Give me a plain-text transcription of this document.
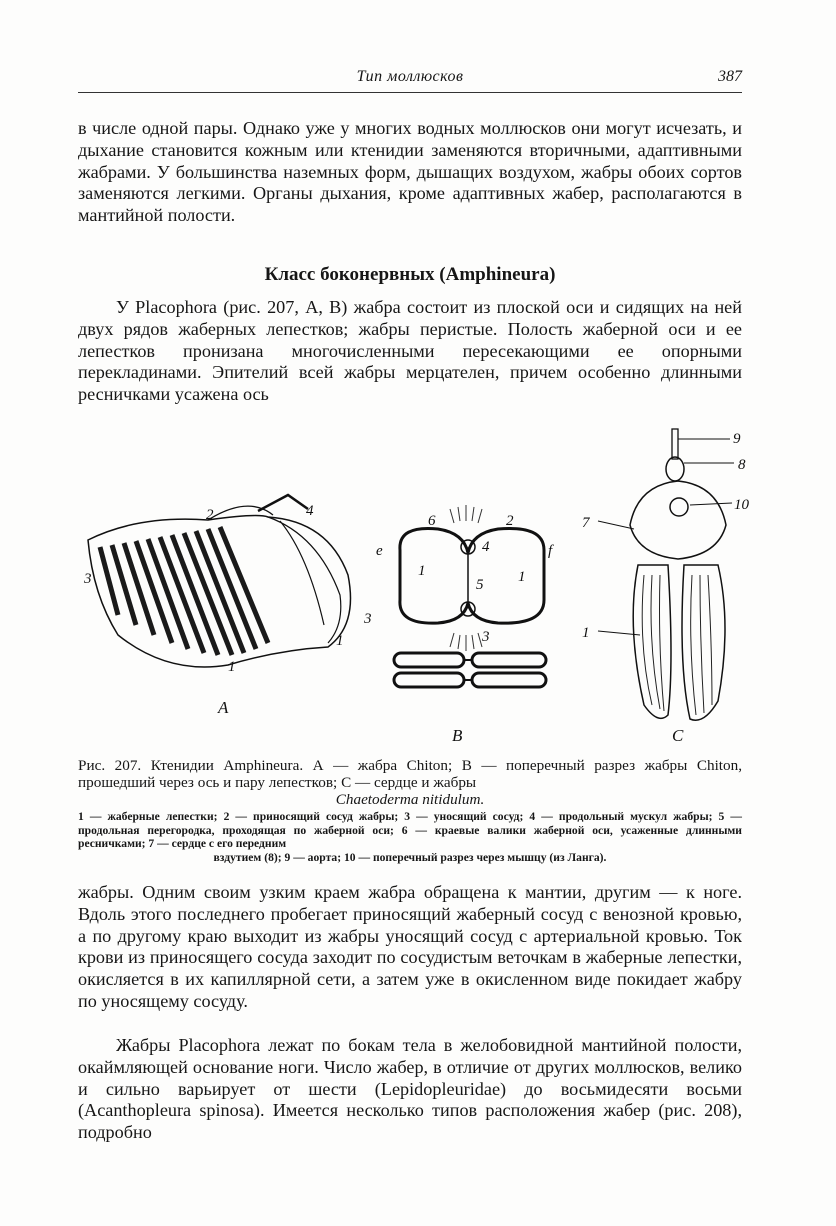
Тип моллюсков	387

в числе одной пары. Однако уже у многих водных моллюсков они могут исчезать, и дыхание становится кожным или ктенидии заменяются вторичными, адаптивными жабрами. У большинства наземных форм, дышащих воздухом, жабры обоих сортов заменяются легкими. Органы дыхания, кроме адаптивных жабер, располагаются в мантийной полости.

Класс боконервных (Amphineura)

У Placophora (рис. 207, А, В) жабра состоит из плоской оси и сидящих на ней двух рядов жаберных лепестков; жабры перистые. Полость жаберной оси и ее лепестков пронизана многочисленными пересекающими ее опорными перекладинами. Эпителий всей жабры мерцателен, причем особенно длинными ресничками усажена ось

9
8
10
7
1
1
1
2
3
3
4
6	2
e	f
4
5
1	1
3
А
В	С

Рис. 207. Ктенидии Amphineura. А — жабра Chiton; В — поперечный разрез жабры Chiton, прошедший через ось и пару лепестков; С — сердце и жабры
Chaetoderma nitidulum.

1 — жаберные лепестки; 2 — приносящий сосуд жабры; 3 — уносящий сосуд; 4 — продольный мускул жабры; 5 — продольная перегородка, проходящая по жаберной оси; 6 — краевые валики жаберной оси, усаженные длинными ресничками; 7 — сердце с его передним
вздутием (8); 9 — аорта; 10 — поперечный разрез через мышцу (из Ланга).

жабры. Одним своим узким краем жабра обращена к мантии, другим — к ноге. Вдоль этого последнего пробегает приносящий жаберный сосуд с венозной кровью, а по другому краю выходит из жабры уносящий сосуд с артериальной кровью. Ток крови из приносящего сосуда заходит по сосудистым веточкам в жаберные лепестки, окисляется в их капиллярной сети, а затем уже в окисленном виде покидает жабру по уносящему сосуду.

Жабры Placophora лежат по бокам тела в желобовидной мантийной полости, окаймляющей основание ноги. Число жабер, в отличие от других моллюсков, велико и сильно варьирует от шести (Lepidopleuridae) до восьмидесяти восьми (Acanthopleura spinosa). Имеется несколько типов расположения жабер (рис. 208), подробно
